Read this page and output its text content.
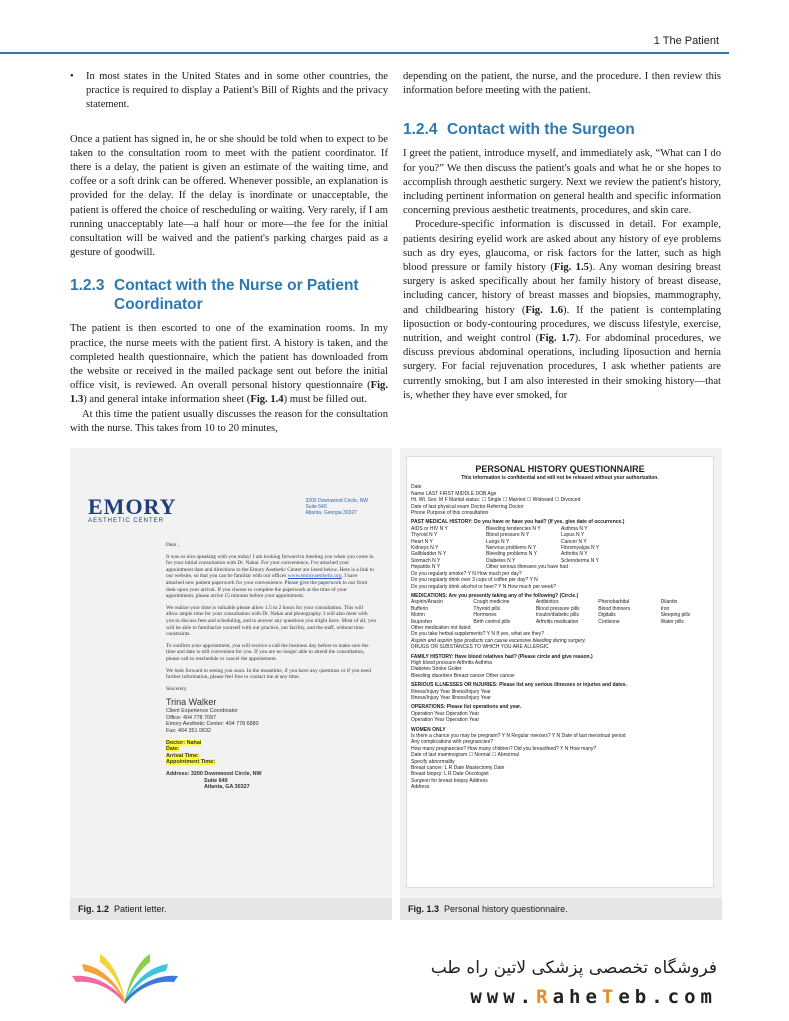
1 The Patient
•	In most states in the United States and in some other countries, the practice is required to display a Patient's Bill of Rights and the privacy statement.

Once a patient has signed in, he or she should be told when to expect to be taken to the consultation room to meet with the patient coordinator. If there is a delay, the patient is given an estimate of the waiting time, and coffee or a soft drink can be offered. Whenever possible, an explanation is provided for the delay. If the delay is inordinate or unacceptable, the patient is offered the choice of rescheduling or waiting. Very rarely, if I am running unacceptably late—a half hour or more—the fee for the initial consultation will be waived and the patient's parking charges paid as a gesture of goodwill.

1.2.3 Contact with the Nurse or Patient
Coordinator

The patient is then escorted to one of the examination rooms. In my practice, the nurse meets with the patient first. A history is taken, and the completed health questionnaire, which the patient has downloaded from the website or received in the mailed package sent out before the initial office visit, is reviewed. An overall personal history questionnaire (Fig. 1.3) and general intake information sheet (Fig. 1.4) must be filled out.

At this time the patient usually discusses the reason for the consultation with the nurse. This takes from 10 to 20 minutes,

depending on the patient, the nurse, and the procedure. I then review this information before meeting with the patient.

1.2.4 Contact with the Surgeon

I greet the patient, introduce myself, and immediately ask, “What can I do for you?” We then discuss the patient's goals and what he or she hopes to accomplish through aesthetic surgery. Next we review the patient's history, including pertinent information on general health and specific information concerning previous aesthetic treatments, procedures, and skin care.

Procedure-specific information is discussed in detail. For example, patients desiring eyelid work are asked about any history of eye problems such as dry eyes, glaucoma, or risk factors for the latter, such as high blood pressure or family history (Fig. 1.5). Any woman desiring breast surgery is asked specifically about her family history of breast disease, including cancer, history of breast masses and biopsies, mammography, and childbearing history (Fig. 1.6). If the patient is contemplating liposuction or body-contouring procedures, we discuss lifestyle, exercise, nutrition, and weight control (Fig. 1.7). For abdominal procedures, we discuss previous abdominal operations, including liposuction and hernia surgery. For facial rejuvenation procedures, I ask whether patients are currently smoking, but I am also interested in their smoking history—that is, whether they have ever smoked, for

EMORY
AESTHETIC CENTER
3200 Downwood Circle, NW
Suite 640
Atlanta, Georgia 30327

Dear ,

It was so nice speaking with you today! I am looking forward to meeting you when you come in for your initial consultation with Dr. Nahai. For your convenience, I've attached your appointment date and directions to the Emory Aesthetic Center are listed below. Here is a link to our website, so that you can be familiar with our offices www.emoryaesthetic.org. I have attached new patient paperwork for your convenience. Please give the paperwork to our front desk upon your arrival. If you choose to complete the paperwork at the time of your appointment, please arrive 15 minutes before your appointment.

We realize your time is valuable please allow 1.5 to 2 hours for your consultation. This will allow ample time for your consultation with Dr. Nahai and photography. I will also meet with you to discuss fees and scheduling, and to answer any questions you might have. Most of all, you will be able to familiarize yourself with our practice, our facility, and the staff, without time constraints.

To confirm your appointment, you will receive a call the business day before to make sure the time and date is still convenient for you. If you are no longer able to attend the consultation, please call to reschedule or cancel the appointment.

We look forward to seeing you soon. In the meantime, if you have any questions or if you need further information, please feel free to contact me at any time.

Sincerely,

Trina Walker
Client Experience Coordinator
Office: 404 778 7097
Emory Aesthetic Center: 404 778 6880
Fax: 404 351 0632
Doctor: Nahai
Date:
Arrival Time:
Appointment Time:
Address: 3200 Downwood Circle, NW
Suite 640
Atlanta, GA 30327
Fig. 1.2 Patient letter.
PERSONAL HISTORY QUESTIONNAIRE
This information is confidential and will not be released without your authorization.
Date
Name LAST FIRST MIDDLE DOB Age
Ht. Wt. Sex: M F Marital status: ☐ Single ☐ Married ☐ Widowed ☐ Divorced
Date of last physical exam Doctor Referring Doctor
Phone Purpose of this consultation
PAST MEDICAL HISTORY: Do you have or have you had? (If yes, give date of occurrence.)
AIDS or HIV N Y	Bleeding tendencies N Y	Asthma N Y
Thyroid N Y	Blood pressure N Y	Lupus N Y
Heart N Y	Lungs N Y	Cancer N Y
Kidneys N Y	Nervous problems N Y	Fibromyalgia N Y
Gallbladder N Y	Bleeding problems N Y	Arthritis N Y
Stomach N Y	Diabetes N Y	Scleroderma N Y
Hepatitis N Y	Other serious illnesses you have had
Do you regularly smoke? Y N How much per day?
Do you regularly drink over 3 cups of coffee per day? Y N
Do you regularly drink alcohol or beer? Y N How much per week?
MEDICATIONS: Are you presently taking any of the following? (Circle.)
Aspirin/Anacin	Cough medicine	Antibiotics	Phenobarbital	Dilantin
Bufferin	Thyroid pills	Blood pressure pills	Blood thinners	Iron
Motrin	Hormones	Insulin/diabetic pills	Digitalis	Sleeping pills
Ibuprofen	Birth control pills	Arthritis medication	Cortisone	Water pills
Other medication not listed
Do you take herbal supplements? Y N If yes, what are they?
Aspirin and aspirin type products can cause excessive bleeding during surgery.
DRUGS OR SUBSTANCES TO WHICH YOU ARE ALLERGIC
FAMILY HISTORY: Have blood relatives had? (Please circle and give reason.)
High blood pressure Arthritis Asthma
Diabetes Stroke Goiter
Bleeding disorders Breast cancer Other cancer
SERIOUS ILLNESSES OR INJURIES: Please list any serious illnesses or injuries and dates.
Illness/Injury Year Illness/Injury Year
Illness/Injury Year Illness/Injury Year
OPERATIONS: Please list operations and year.
Operation Year Operation Year
Operation Year Operation Year
WOMEN ONLY
Is there a chance you may be pregnant? Y N Regular menses? Y N Date of last menstrual period
Any complications with pregnancies?
How many pregnancies? How many children? Did you breastfeed? Y N How many?
Date of last mammogram ☐ Normal ☐ Abnormal
Specify abnormality
Breast cancer: L R Date Mastectomy Date
Breast biopsy: L R Date Oncologist
Surgeon for breast biopsy Address
Address
Fig. 1.3 Personal history questionnaire.
فروشگاه تخصصی پزشکی لاتین راه طب
www.RaheTeb.com
